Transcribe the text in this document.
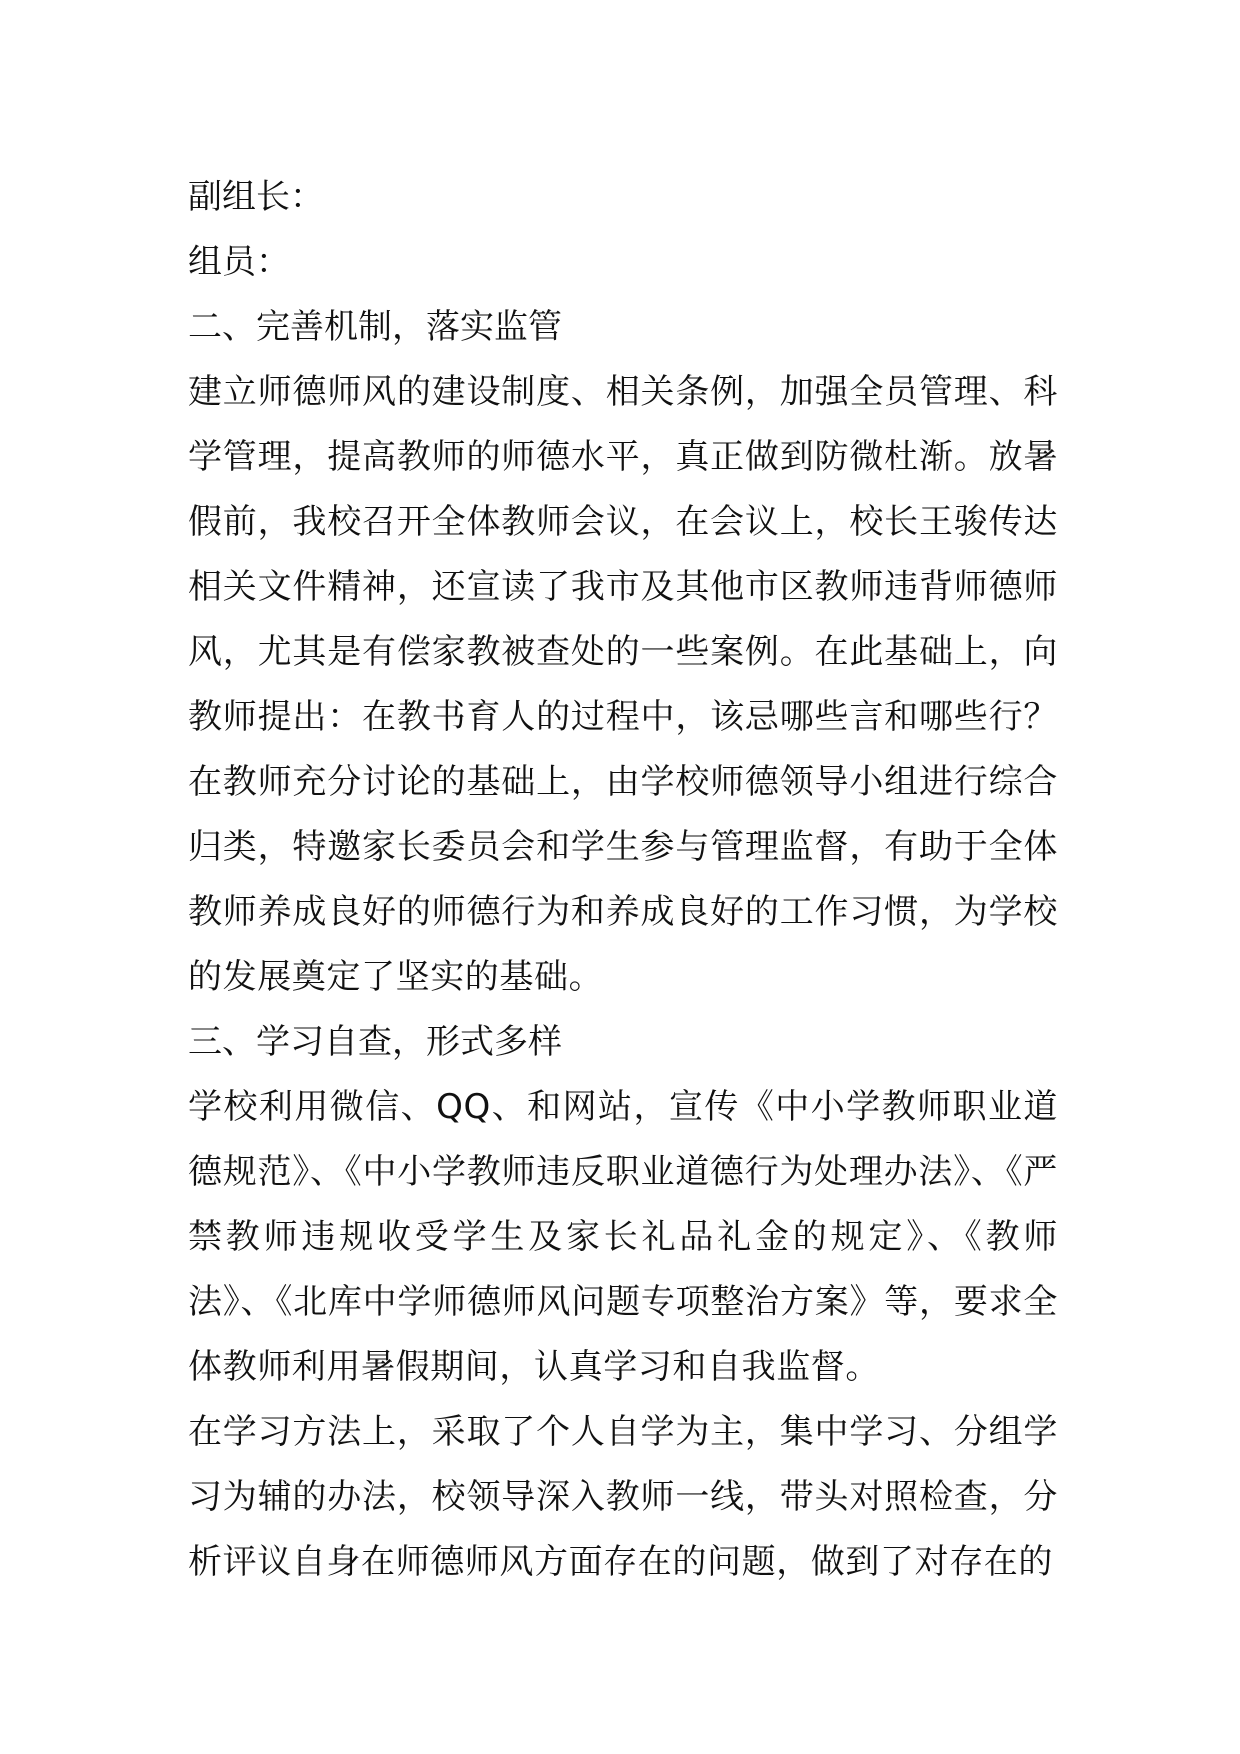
副组长：

组员：

二、完善机制，落实监管

建立师德师风的建设制度、相关条例，加强全员管理、科学管理，提高教师的师德水平，真正做到防微杜渐。放暑假前，我校召开全体教师会议，在会议上，校长王骏传达相关文件精神，还宣读了我市及其他市区教师违背师德师风，尤其是有偿家教被查处的一些案例。在此基础上，向教师提出：在教书育人的过程中，该忌哪些言和哪些行？在教师充分讨论的基础上，由学校师德领导小组进行综合归类，特邀家长委员会和学生参与管理监督，有助于全体教师养成良好的师德行为和养成良好的工作习惯，为学校的发展奠定了坚实的基础。

三、学习自查，形式多样

学校利用微信、QQ、和网站，宣传《中小学教师职业道德规范》、《中小学教师违反职业道德行为处理办法》、《严禁教师违规收受学生及家长礼品礼金的规定》、《教师法》、《北库中学师德师风问题专项整治方案》等，要求全体教师利用暑假期间，认真学习和自我监督。

在学习方法上，采取了个人自学为主，集中学习、分组学习为辅的办法，校领导深入教师一线，带头对照检查，分析评议自身在师德师风方面存在的问题，做到了对存在的
